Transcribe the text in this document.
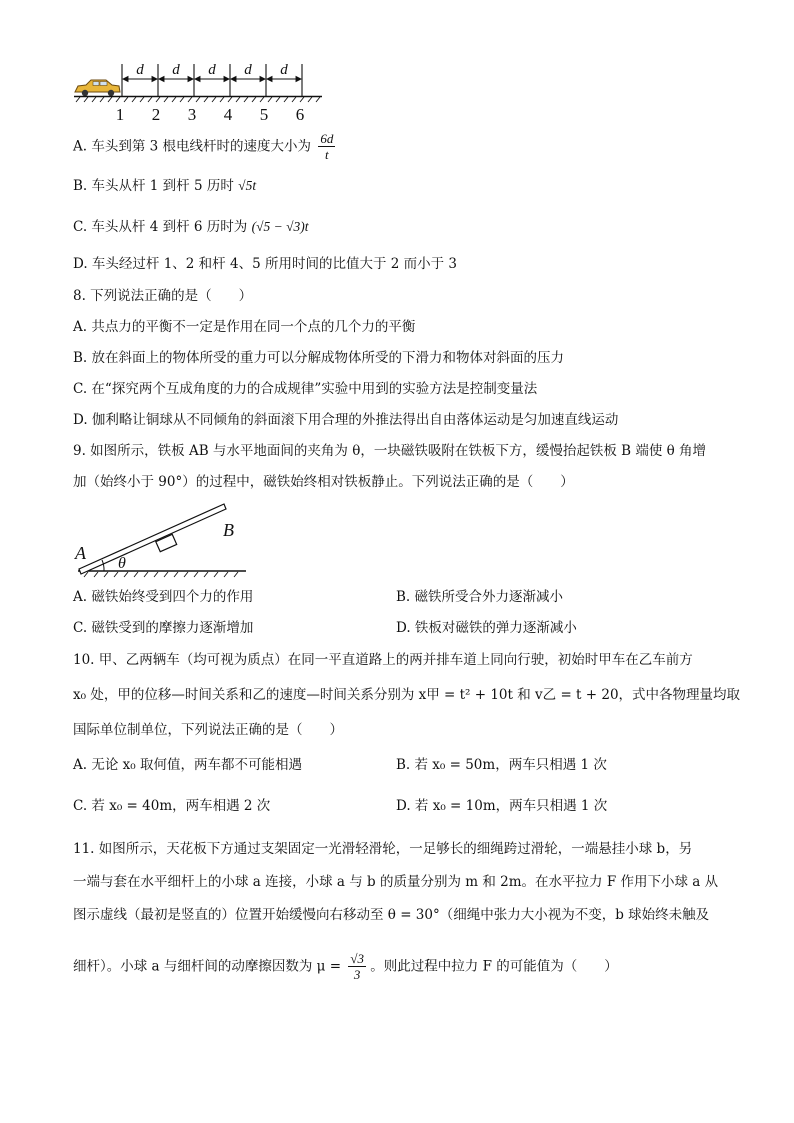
d d d d d
1 2 3 4 5 6
A. 车头到第 3 根电线杆时的速度大小为 $\frac{6d}{t}$
B. 车头从杆 1 到杆 5 历时 √5t
C. 车头从杆 4 到杆 6 历时为 (√5 − √3)t
D. 车头经过杆 1、2 和杆 4、5 所用时间的比值大于 2 而小于 3
8. 下列说法正确的是（　　）
A. 共点力的平衡不一定是作用在同一个点的几个力的平衡
B. 放在斜面上的物体所受的重力可以分解成物体所受的下滑力和物体对斜面的压力
C. 在“探究两个互成角度的力的合成规律”实验中用到的实验方法是控制变量法
D. 伽利略让铜球从不同倾角的斜面滚下用合理的外推法得出自由落体运动是匀加速直线运动
9. 如图所示，铁板 AB 与水平地面间的夹角为 θ，一块磁铁吸附在铁板下方，缓慢抬起铁板 B 端使 θ 角增
加（始终小于 90°）的过程中，磁铁始终相对铁板静止。下列说法正确的是（　　）
A
B
θ
A. 磁铁始终受到四个力的作用	B. 磁铁所受合外力逐渐减小
C. 磁铁受到的摩擦力逐渐增加	D. 铁板对磁铁的弹力逐渐减小
10. 甲、乙两辆车（均可视为质点）在同一平直道路上的两并排车道上同向行驶，初始时甲车在乙车前方
x₀ 处，甲的位移—时间关系和乙的速度—时间关系分别为 x甲 = t² + 10t 和 v乙 = t + 20，式中各物理量均取
国际单位制单位，下列说法正确的是（　　）
A. 无论 x₀ 取何值，两车都不可能相遇	B. 若 x₀ = 50m，两车只相遇 1 次
C. 若 x₀ = 40m，两车相遇 2 次	D. 若 x₀ = 10m，两车只相遇 1 次
11. 如图所示，天花板下方通过支架固定一光滑轻滑轮，一足够长的细绳跨过滑轮，一端悬挂小球 b，另
一端与套在水平细杆上的小球 a 连接，小球 a 与 b 的质量分别为 m 和 2m。在水平拉力 F 作用下小球 a 从
图示虚线（最初是竖直的）位置开始缓慢向右移动至 θ = 30°（细绳中张力大小视为不变，b 球始终未触及
细杆）。小球 a 与细杆间的动摩擦因数为 $\mu = \frac{√3}{3}$ 。则此过程中拉力 F 的可能值为（　　）
